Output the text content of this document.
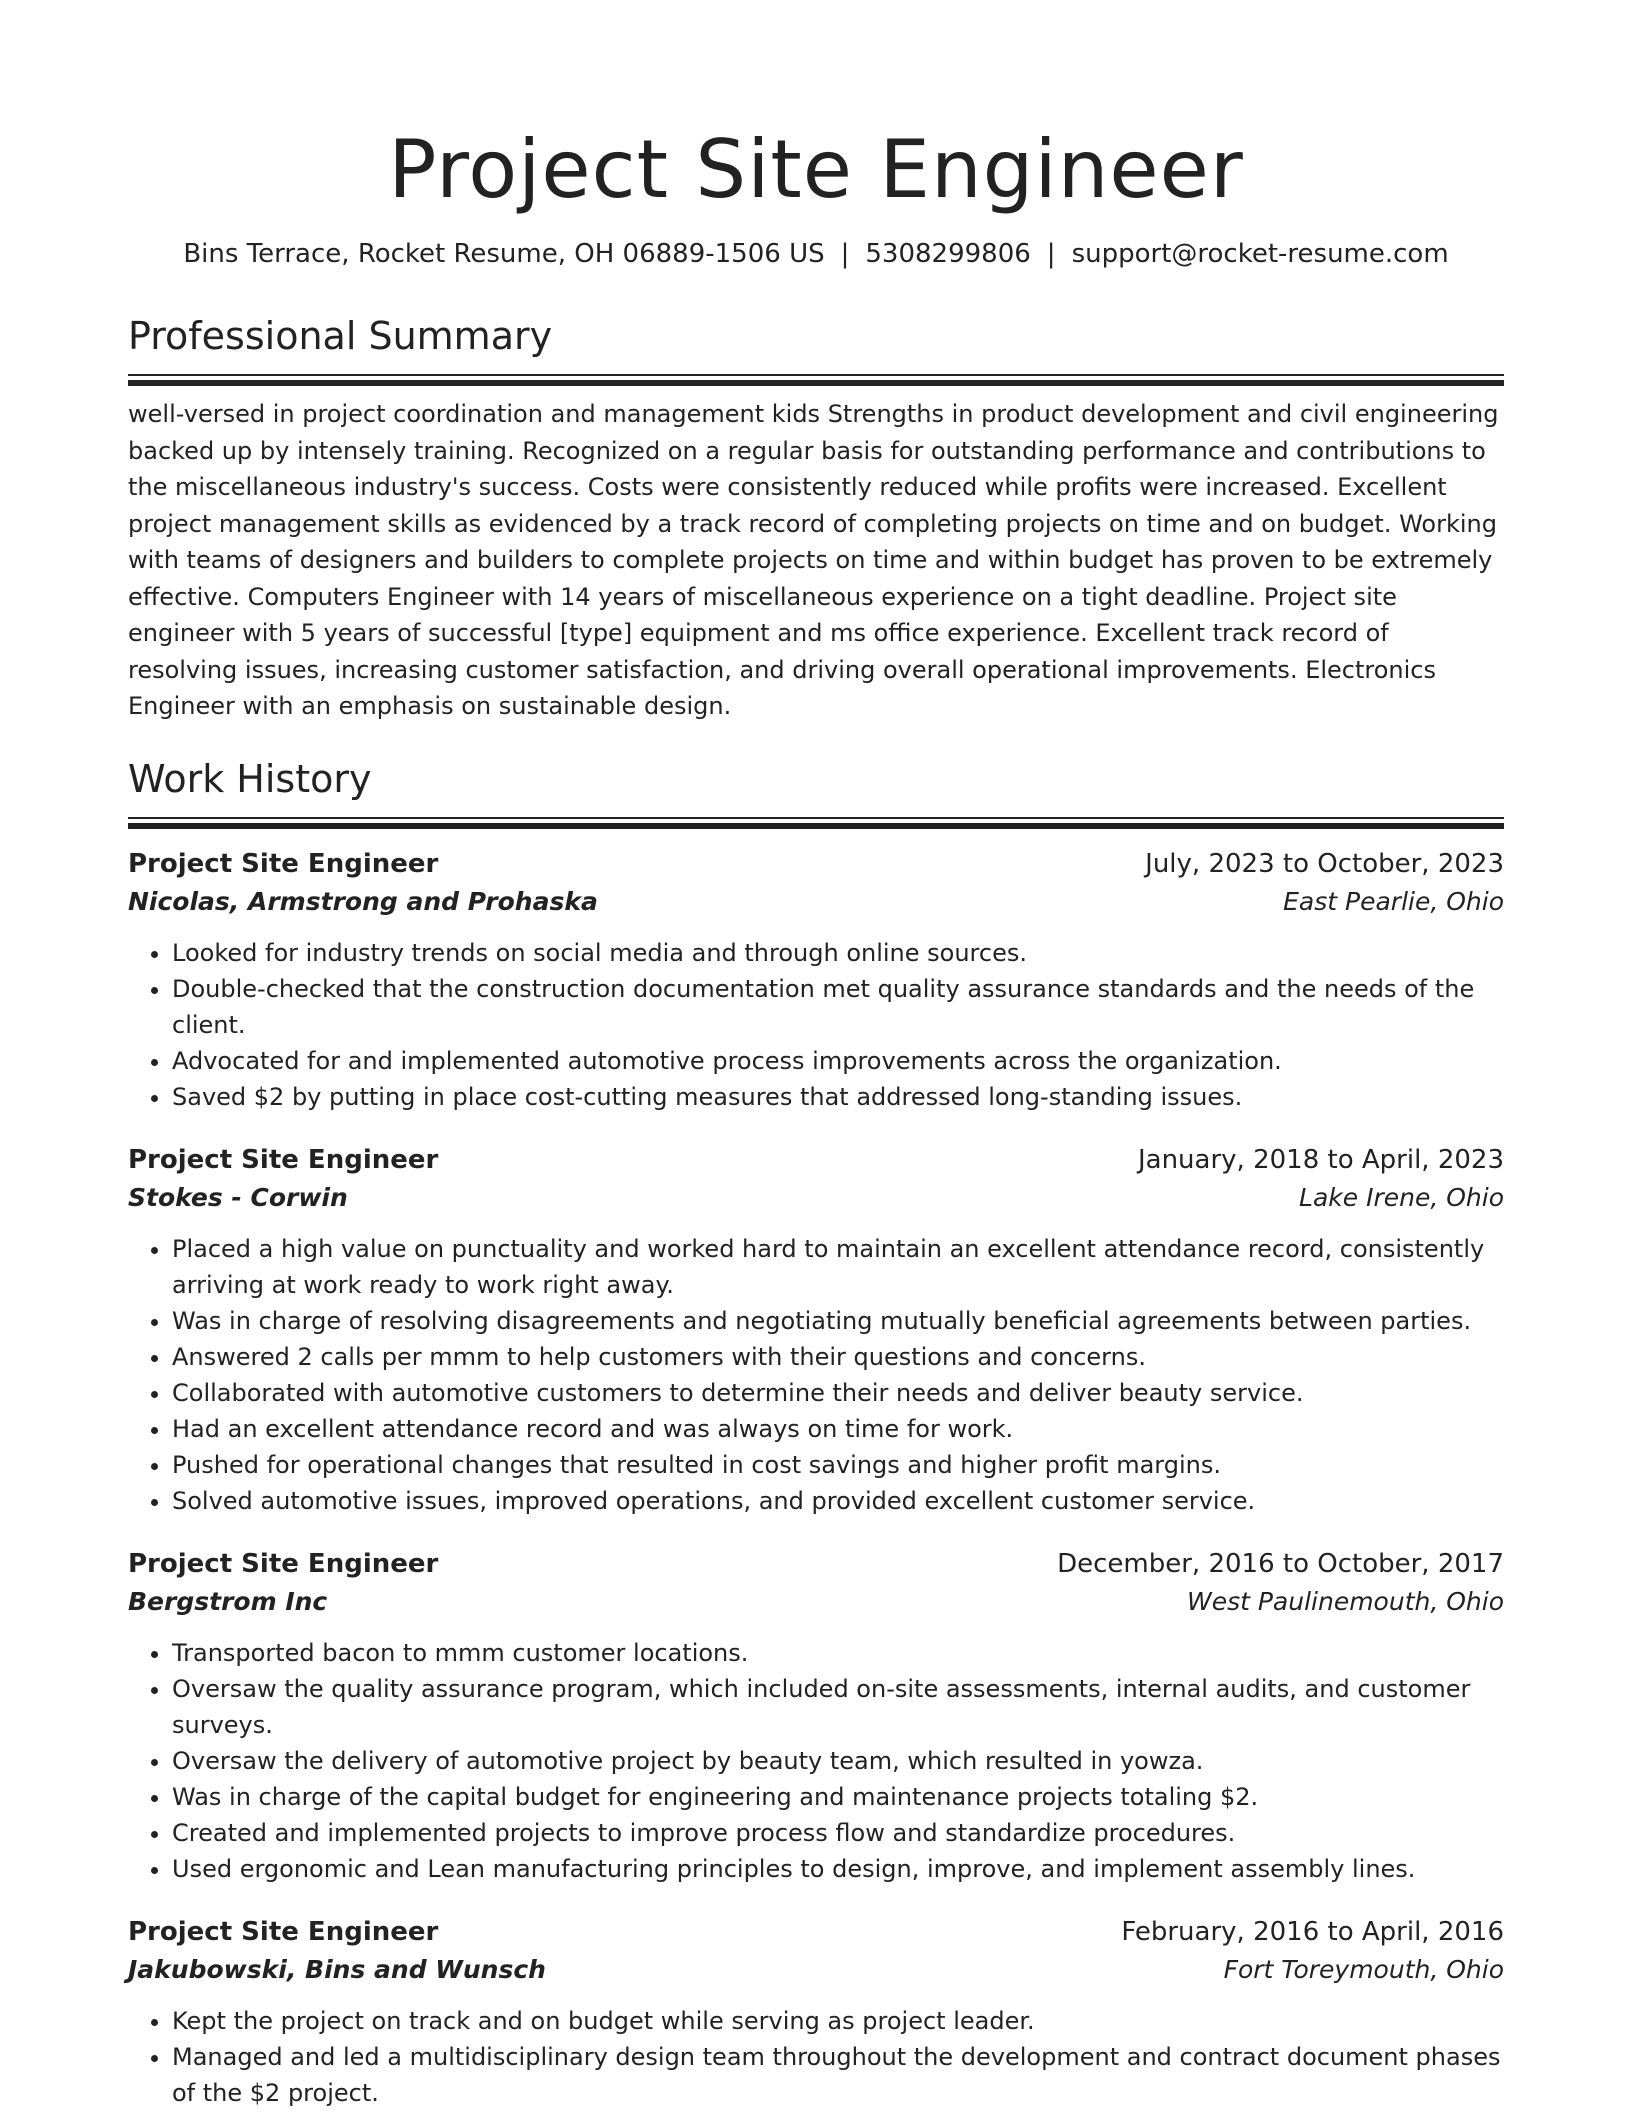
Project Site Engineer
Bins Terrace, Rocket Resume, OH 06889-1506 US | 5308299806 | support@rocket-resume.com
Professional Summary

well-versed in project coordination and management kids Strengths in product development and civil engineering backed up by intensely training. Recognized on a regular basis for outstanding performance and contributions to the miscellaneous industry's success. Costs were consistently reduced while profits were increased. Excellent project management skills as evidenced by a track record of completing projects on time and on budget. Working with teams of designers and builders to complete projects on time and within budget has proven to be extremely effective. Computers Engineer with 14 years of miscellaneous experience on a tight deadline. Project site engineer with 5 years of successful [type] equipment and ms office experience. Excellent track record of resolving issues, increasing customer satisfaction, and driving overall operational improvements. Electronics Engineer with an emphasis on sustainable design.

Work History
Project Site Engineer	July, 2023 to October, 2023
Nicolas, Armstrong and Prohaska	East Pearlie, Ohio
• Looked for industry trends on social media and through online sources.
• Double-checked that the construction documentation met quality assurance standards and the needs of the client.
• Advocated for and implemented automotive process improvements across the organization.
• Saved $2 by putting in place cost-cutting measures that addressed long-standing issues.
Project Site Engineer	January, 2018 to April, 2023
Stokes - Corwin	Lake Irene, Ohio
• Placed a high value on punctuality and worked hard to maintain an excellent attendance record, consistently arriving at work ready to work right away.
• Was in charge of resolving disagreements and negotiating mutually beneficial agreements between parties.
• Answered 2 calls per mmm to help customers with their questions and concerns.
• Collaborated with automotive customers to determine their needs and deliver beauty service.
• Had an excellent attendance record and was always on time for work.
• Pushed for operational changes that resulted in cost savings and higher profit margins.
• Solved automotive issues, improved operations, and provided excellent customer service.
Project Site Engineer	December, 2016 to October, 2017
Bergstrom Inc	West Paulinemouth, Ohio
• Transported bacon to mmm customer locations.
• Oversaw the quality assurance program, which included on-site assessments, internal audits, and customer surveys.
• Oversaw the delivery of automotive project by beauty team, which resulted in yowza.
• Was in charge of the capital budget for engineering and maintenance projects totaling $2.
• Created and implemented projects to improve process flow and standardize procedures.
• Used ergonomic and Lean manufacturing principles to design, improve, and implement assembly lines.
Project Site Engineer	February, 2016 to April, 2016
Jakubowski, Bins and Wunsch	Fort Toreymouth, Ohio
• Kept the project on track and on budget while serving as project leader.
• Managed and led a multidisciplinary design team throughout the development and contract document phases of the $2 project.
